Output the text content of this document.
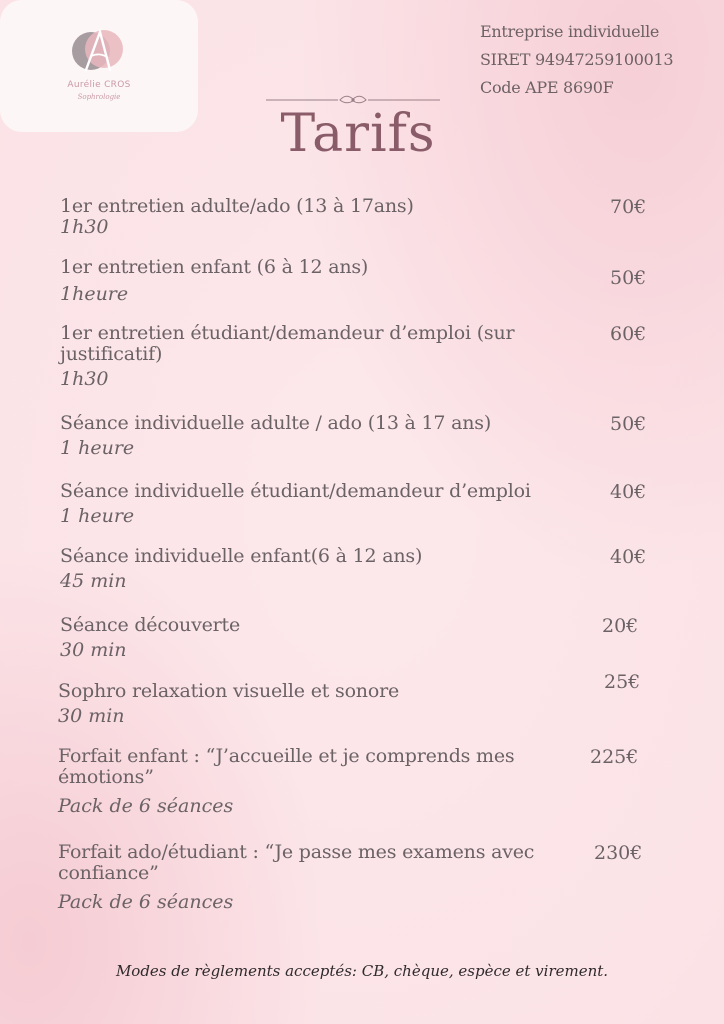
Aurélie CROS
Sophrologie
Entreprise individuelle
SIRET 94947259100013
Code APE 8690F
Tarifs
1er entretien adulte/ado (13 à 17ans)
1h30
70€
1er entretien enfant (6 à 12 ans)
1heure
50€
1er entretien étudiant/demandeur d’emploi (sur justificatif)
1h30
60€
Séance individuelle adulte / ado (13 à 17 ans)
1 heure
50€
Séance individuelle étudiant/demandeur d’emploi
1 heure
40€
Séance individuelle enfant(6 à 12 ans)
45 min
40€
Séance découverte
30 min
20€
Sophro relaxation visuelle et sonore
30 min
25€
Forfait enfant : “J’accueille et je comprends mes émotions”
Pack de 6 séances
225€
Forfait ado/étudiant : “Je passe mes examens avec confiance”
Pack de 6 séances
230€
Modes de règlements acceptés: CB, chèque, espèce et virement.
